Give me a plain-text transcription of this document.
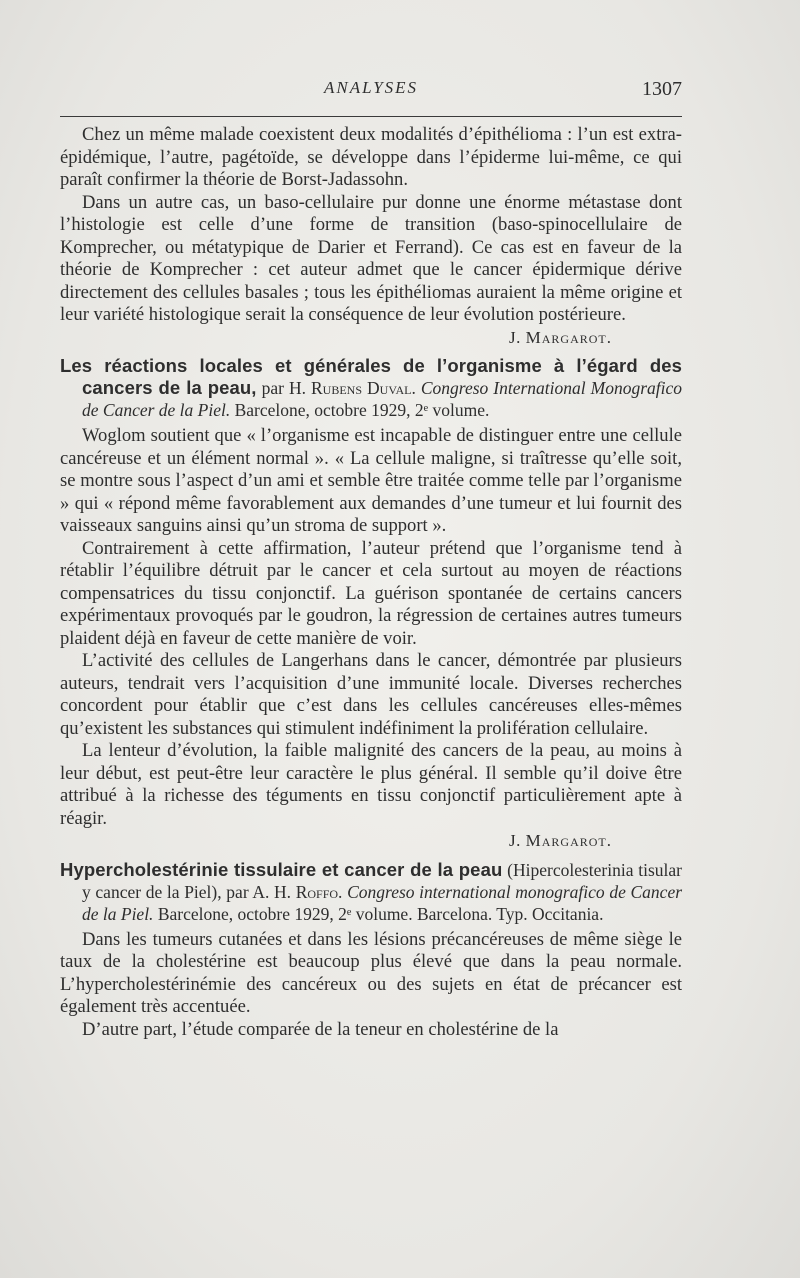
ANALYSES	1307

Chez un même malade coexistent deux modalités d’épithélioma : l’un est extra-épidémique, l’autre, pagétoïde, se développe dans l’épiderme lui-même, ce qui paraît confirmer la théorie de Borst-Jadassohn.

Dans un autre cas, un baso-cellulaire pur donne une énorme métastase dont l’histologie est celle d’une forme de transition (baso-spinocellulaire de Komprecher, ou métatypique de Darier et Ferrand). Ce cas est en faveur de la théorie de Komprecher : cet auteur admet que le cancer épidermique dérive directement des cellules basales ; tous les épithéliomas auraient la même origine et leur variété histologique serait la conséquence de leur évolution postérieure.

J. Margarot.

Les réactions locales et générales de l’organisme à l’égard des cancers de la peau, par H. Rubens Duval. Congreso International Monografico de Cancer de la Piel. Barcelone, octobre 1929, 2ᵉ volume.

Woglom soutient que « l’organisme est incapable de distinguer entre une cellule cancéreuse et un élément normal ». « La cellule maligne, si traîtresse qu’elle soit, se montre sous l’aspect d’un ami et semble être traitée comme telle par l’organisme » qui « répond même favorablement aux demandes d’une tumeur et lui fournit des vaisseaux sanguins ainsi qu’un stroma de support ».

Contrairement à cette affirmation, l’auteur prétend que l’organisme tend à rétablir l’équilibre détruit par le cancer et cela surtout au moyen de réactions compensatrices du tissu conjonctif. La guérison spontanée de certains cancers expérimentaux provoqués par le goudron, la régression de certaines autres tumeurs plaident déjà en faveur de cette manière de voir.

L’activité des cellules de Langerhans dans le cancer, démontrée par plusieurs auteurs, tendrait vers l’acquisition d’une immunité locale. Diverses recherches concordent pour établir que c’est dans les cellules cancéreuses elles-mêmes qu’existent les substances qui stimulent indéfiniment la prolifération cellulaire.

La lenteur d’évolution, la faible malignité des cancers de la peau, au moins à leur début, est peut-être leur caractère le plus général. Il semble qu’il doive être attribué à la richesse des téguments en tissu conjonctif particulièrement apte à réagir.

J. Margarot.

Hypercholestérinie tissulaire et cancer de la peau (Hipercolesterinia tisular y cancer de la Piel), par A. H. Roffo. Congreso international monografico de Cancer de la Piel. Barcelone, octobre 1929, 2ᵉ volume. Barcelona. Typ. Occitania.

Dans les tumeurs cutanées et dans les lésions précancéreuses de même siège le taux de la cholestérine est beaucoup plus élevé que dans la peau normale. L’hypercholestérinémie des cancéreux ou des sujets en état de précancer est également très accentuée.

D’autre part, l’étude comparée de la teneur en cholestérine de la
